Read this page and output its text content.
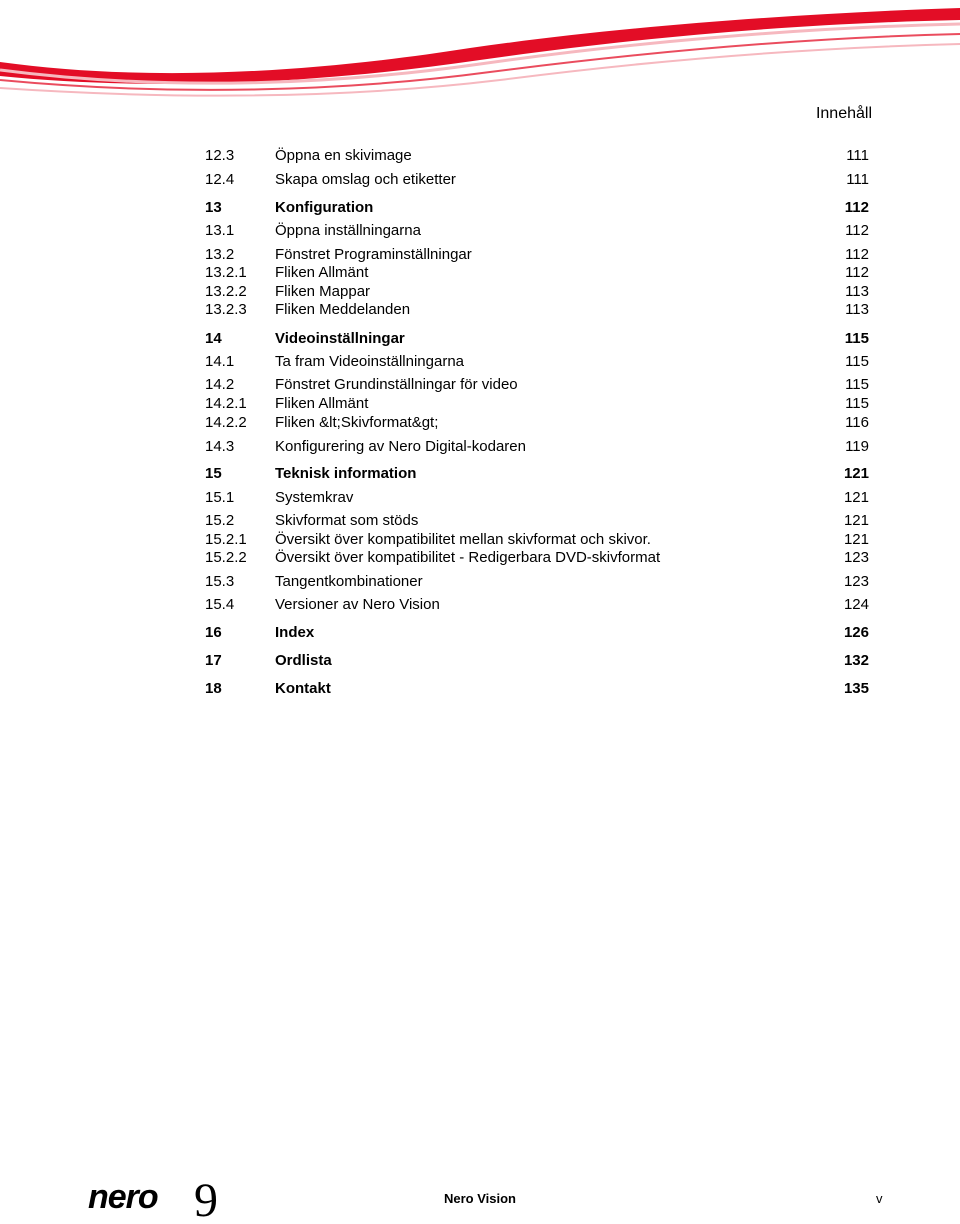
Innehåll
12.3	Öppna en skivimage	111
12.4	Skapa omslag och etiketter	111
13	Konfiguration	112
13.1	Öppna inställningarna	112
13.2	Fönstret Programinställningar	112
13.2.1 Fliken Allmänt	112
13.2.2 Fliken Mappar	113
13.2.3 Fliken Meddelanden	113
14	Videoinställningar	115
14.1	Ta fram Videoinställningarna	115
14.2	Fönstret Grundinställningar för video	115
14.2.1 Fliken Allmänt	115
14.2.2 Fliken &lt;Skivformat&gt;	116
14.3	Konfigurering av Nero Digital-kodaren	119
15	Teknisk information	121
15.1	Systemkrav	121
15.2	Skivformat som stöds	121
15.2.1 Översikt över kompatibilitet mellan skivformat och skivor.	121
15.2.2 Översikt över kompatibilitet - Redigerbara DVD-skivformat	123
15.3	Tangentkombinationer	123
15.4	Versioner av Nero Vision	124
16	Index	126
17	Ordlista	132
18	Kontakt	135
nero 9	Nero Vision	v
